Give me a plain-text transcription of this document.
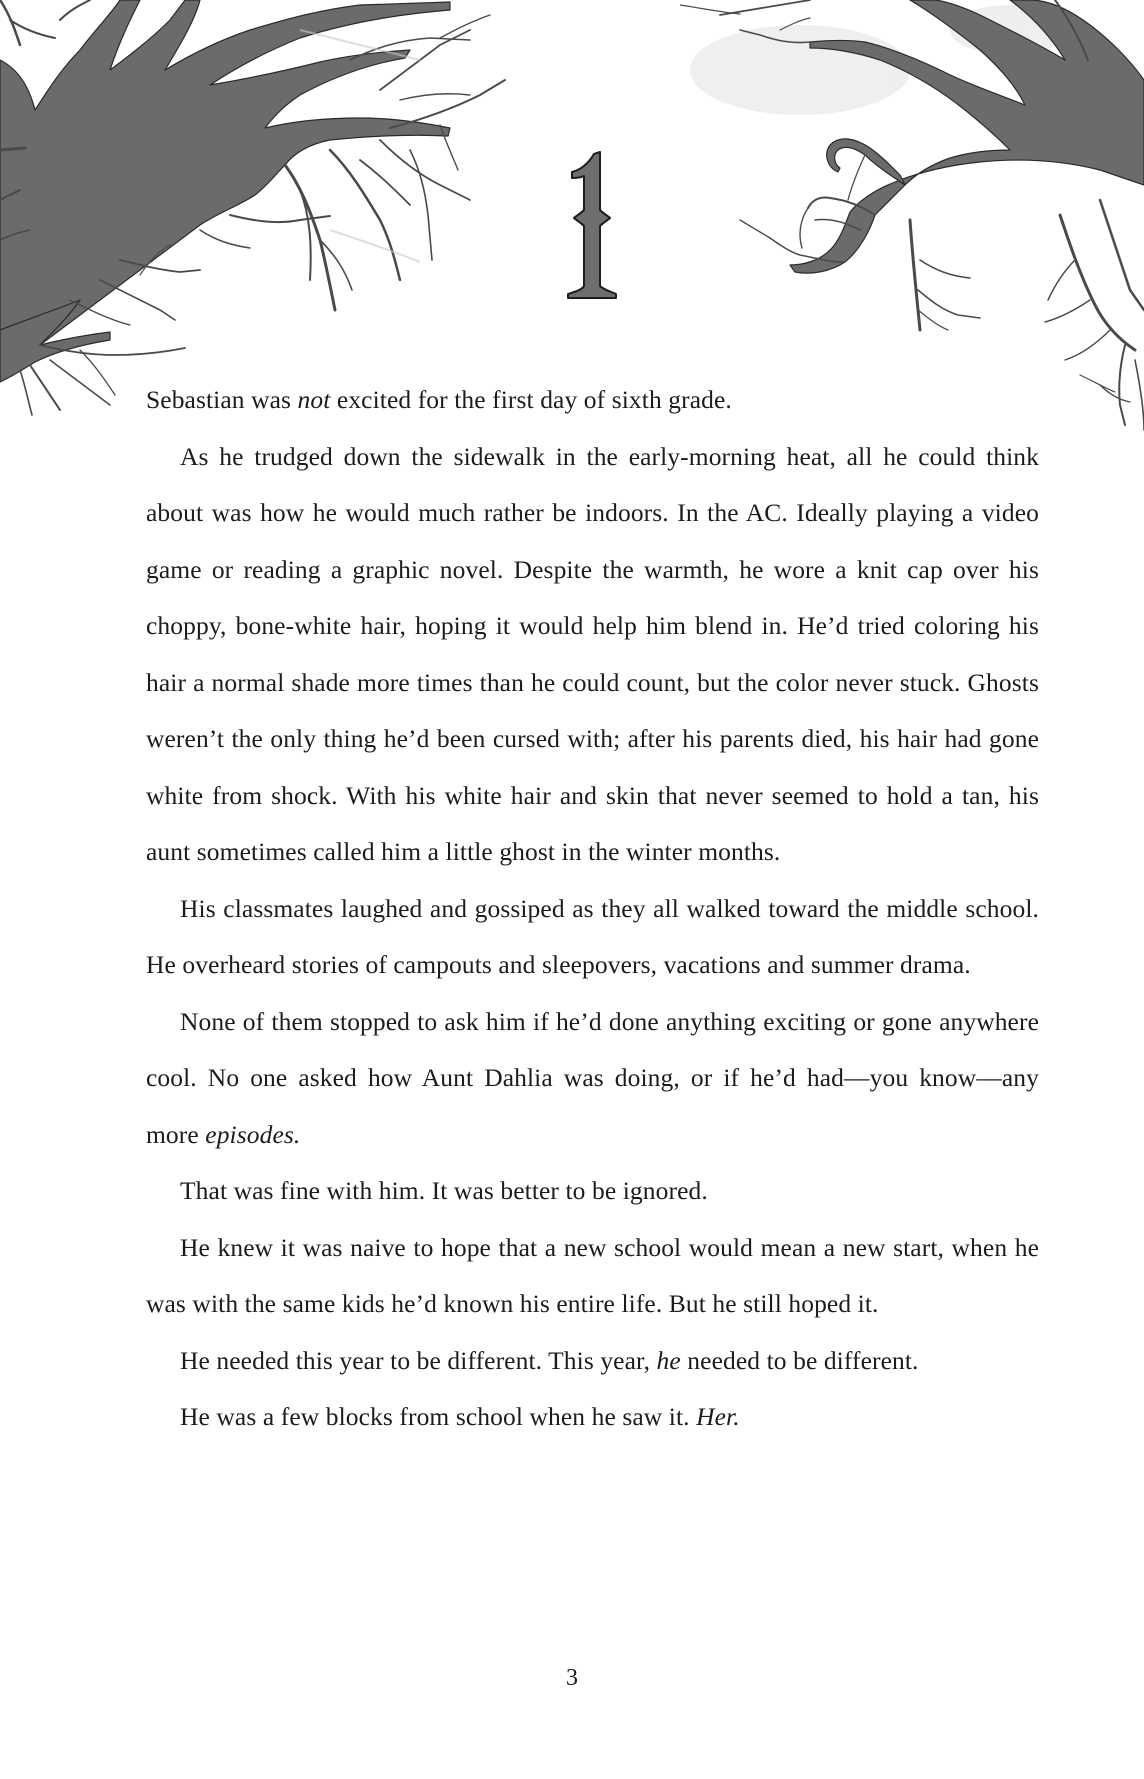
1

Sebastian was not excited for the first day of sixth grade.

As he trudged down the sidewalk in the early-morning heat, all he could think about was how he would much rather be indoors. In the AC. Ideally playing a video game or reading a graphic novel. Despite the warmth, he wore a knit cap over his choppy, bone-white hair, hoping it would help him blend in. He’d tried coloring his hair a normal shade more times than he could count, but the color never stuck. Ghosts weren’t the only thing he’d been cursed with; after his parents died, his hair had gone white from shock. With his white hair and skin that never seemed to hold a tan, his aunt sometimes called him a little ghost in the winter months.

His classmates laughed and gossiped as they all walked toward the middle school. He overheard stories of campouts and sleepovers, vacations and summer drama.

None of them stopped to ask him if he’d done anything exciting or gone anywhere cool. No one asked how Aunt Dahlia was doing, or if he’d had—you know—any more episodes.

That was fine with him. It was better to be ignored.

He knew it was naive to hope that a new school would mean a new start, when he was with the same kids he’d known his entire life. But he still hoped it.

He needed this year to be different. This year, he needed to be different.

He was a few blocks from school when he saw it. Her.

3
